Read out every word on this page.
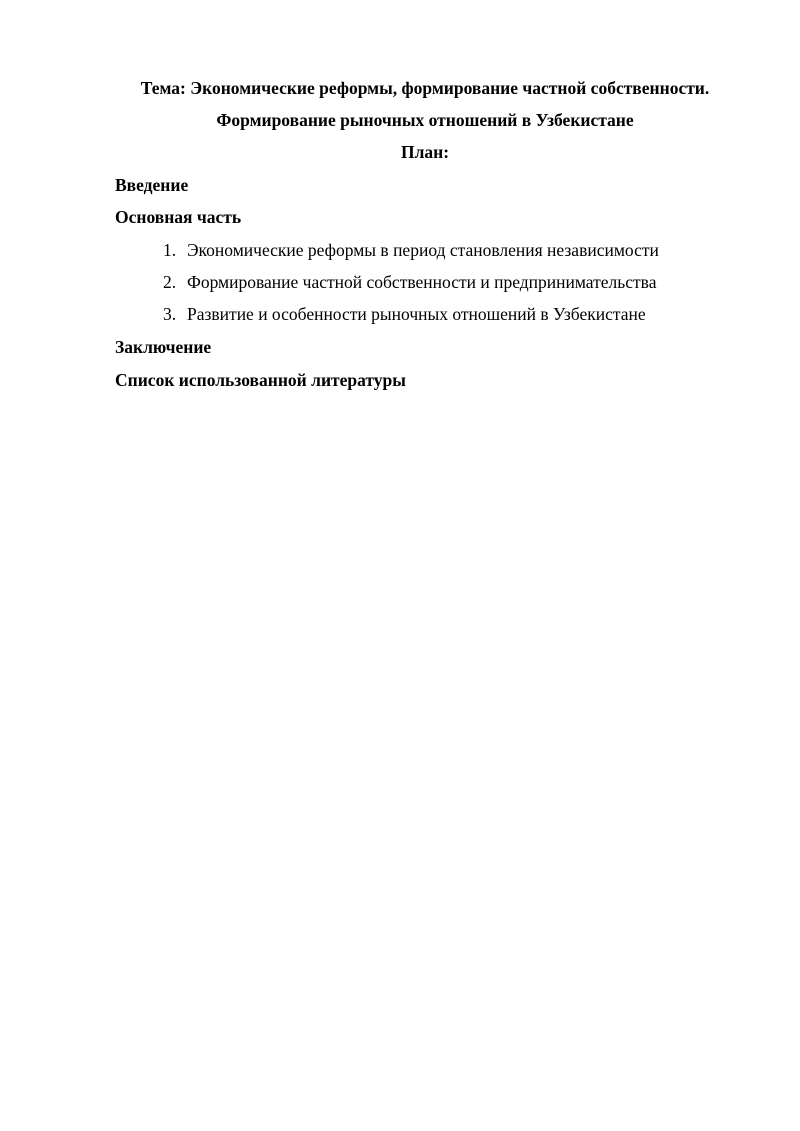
Тема: Экономические реформы, формирование частной собственности.
Формирование рыночных отношений в Узбекистане
План:
Введение
Основная часть
1. Экономические реформы в период становления независимости
2. Формирование частной собственности и предпринимательства
3. Развитие и особенности рыночных отношений в Узбекистане
Заключение
Список использованной литературы
